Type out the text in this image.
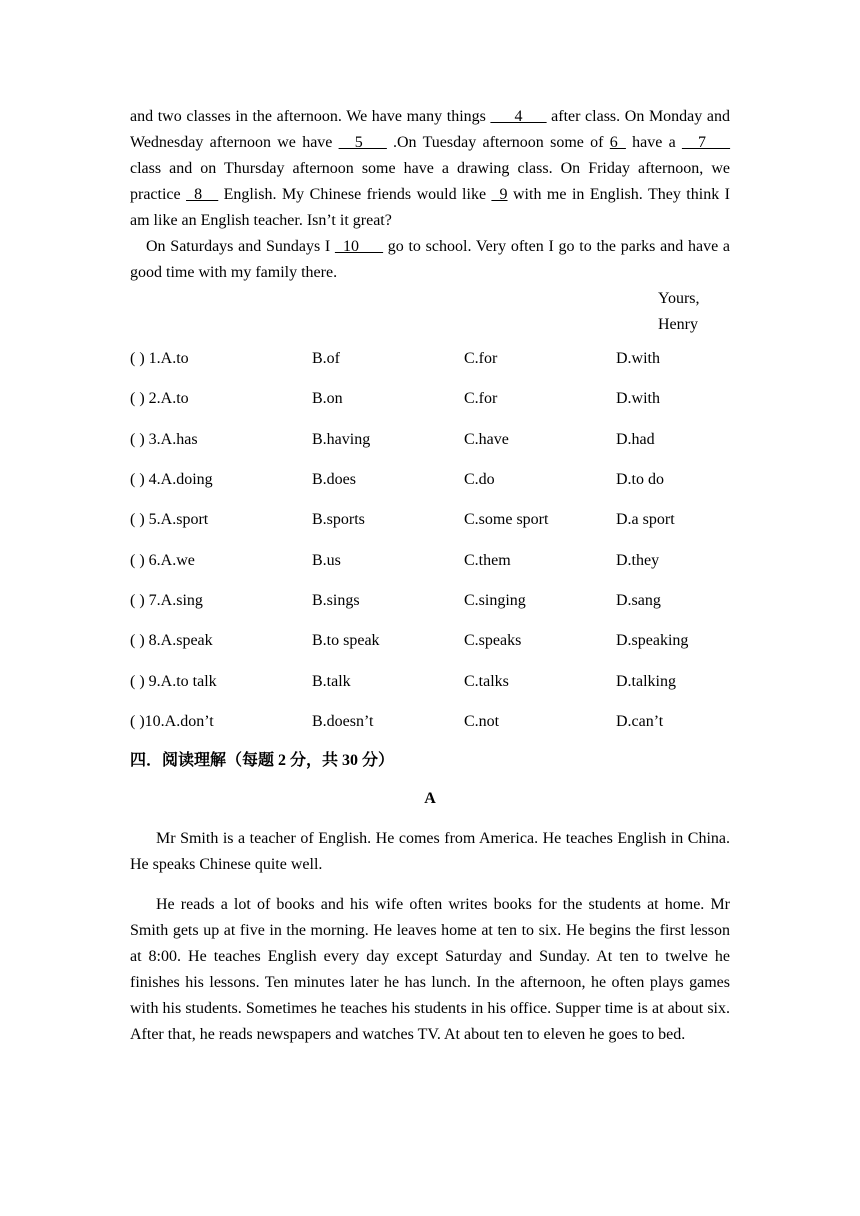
and two classes in the afternoon. We have many things ___4___ after class. On Monday and Wednesday afternoon we have __5___ .On Tuesday afternoon some of 6_ have a __7___ class and on Thursday afternoon some have a drawing class. On Friday afternoon, we practice _8__ English. My Chinese friends would like _9 with me in English. They think I am like an English teacher. Isn’t it great?

On Saturdays and Sundays I _10___ go to school. Very often I go to the parks and have a good time with my family there.

Yours,
Henry
( ) 1.A.to	B.of	C.for	D.with
( ) 2.A.to	B.on	C.for	D.with
( ) 3.A.has	B.having	C.have	D.had
( ) 4.A.doing	B.does	C.do	D.to do
( ) 5.A.sport	B.sports	C.some sport	D.a sport
( ) 6.A.we	B.us	C.them	D.they
( ) 7.A.sing	B.sings	C.singing	D.sang
( ) 8.A.speak	B.to speak	C.speaks	D.speaking
( ) 9.A.to talk	B.talk	C.talks	D.talking
( )10.A.don’t	B.doesn’t	C.not	D.can’t
四．阅读理解（每题 2 分，共 30 分）
A

Mr Smith is a teacher of English. He comes from America. He teaches English in China. He speaks Chinese quite well.

He reads a lot of books and his wife often writes books for the students at home. Mr Smith gets up at five in the morning. He leaves home at ten to six. He begins the first lesson at 8:00. He teaches English every day except Saturday and Sunday. At ten to twelve he finishes his lessons. Ten minutes later he has lunch. In the afternoon, he often plays games with his students. Sometimes he teaches his students in his office. Supper time is at about six. After that, he reads newspapers and watches TV. At about ten to eleven he goes to bed.
